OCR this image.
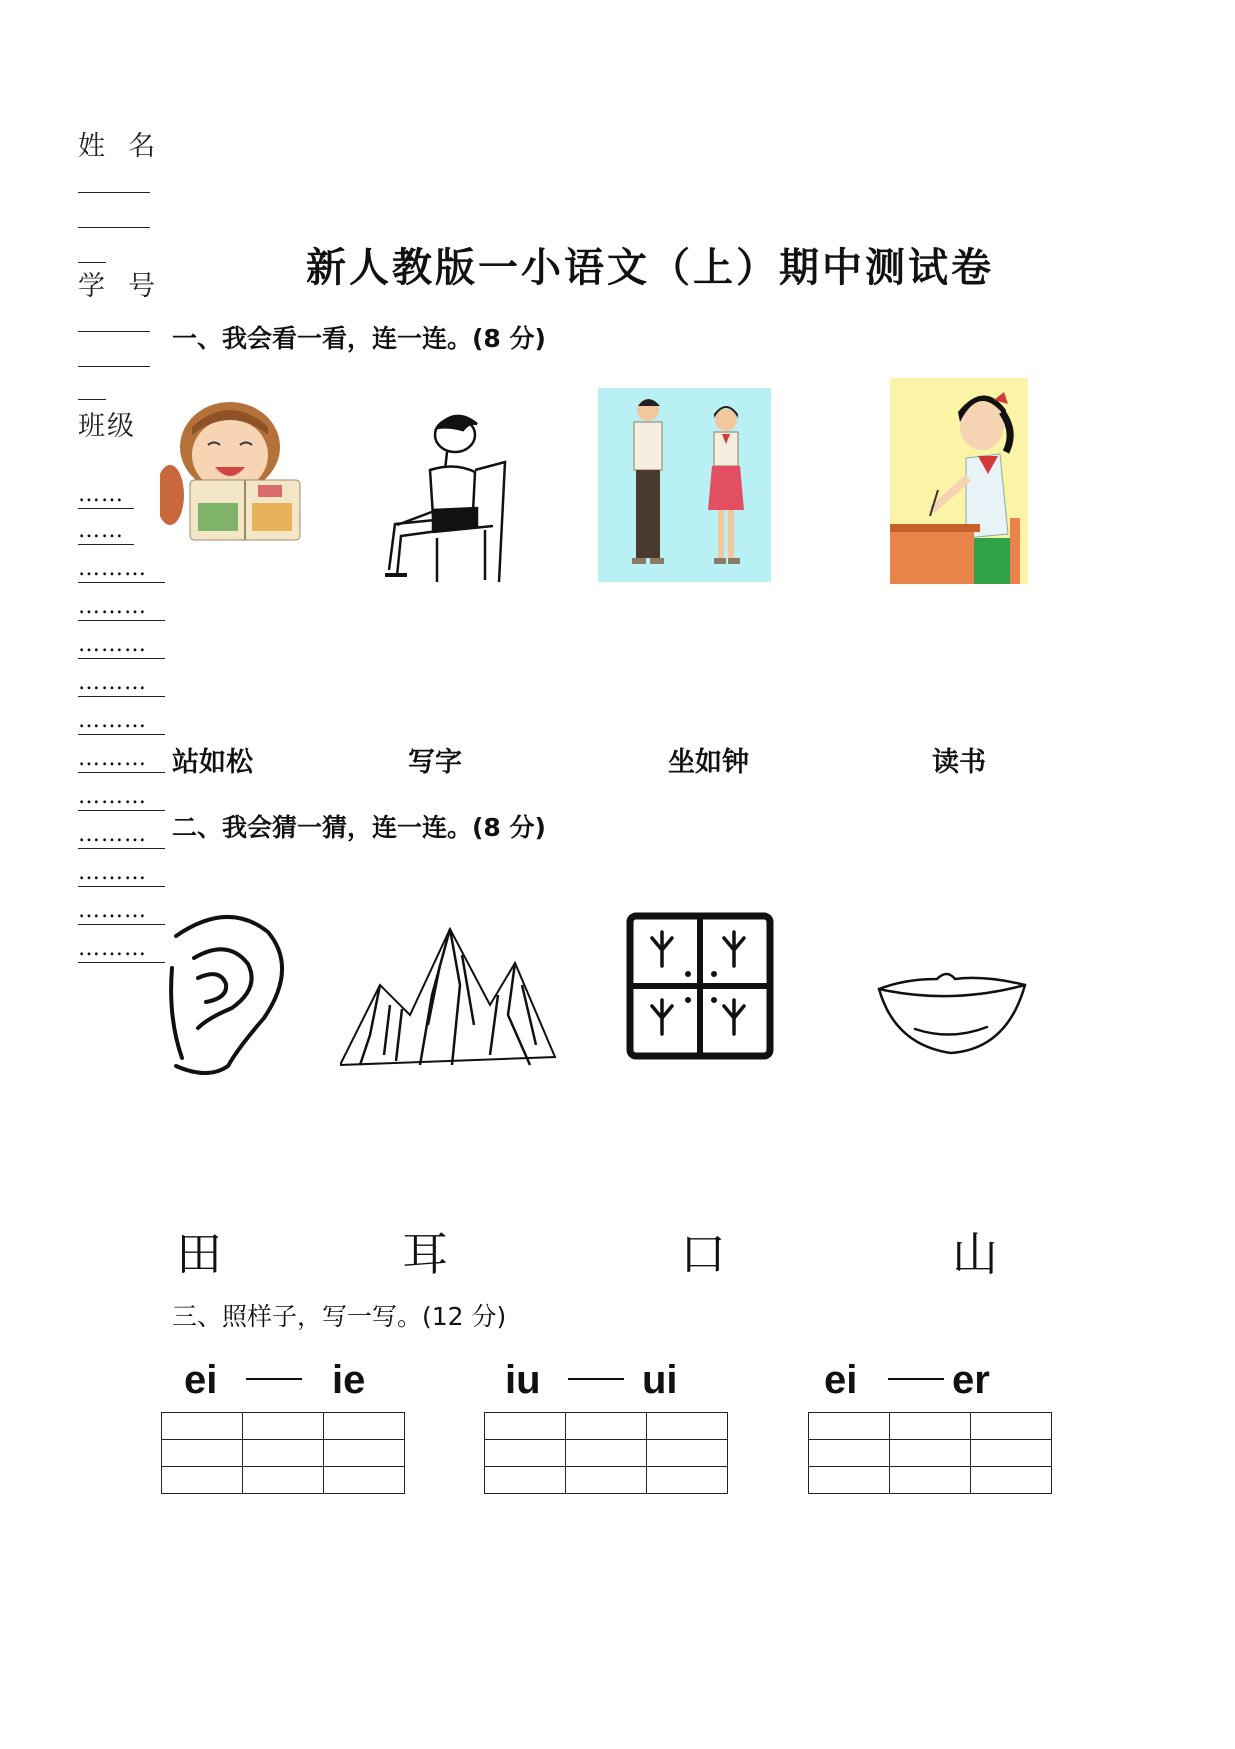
姓  名
学  号
班级
……
……
………
………
………
………
………
………
………
………
………
………
………
新人教版一小语文（上）期中测试卷
一、我会看一看，连一连。(8 分)
站如松	写字	坐如钟	读书
二、我会猜一猜，连一连。(8 分)
田	耳	口	山
三、照样子，写一写。(12 分)
ei	ie

			iu	ui

			ei er
